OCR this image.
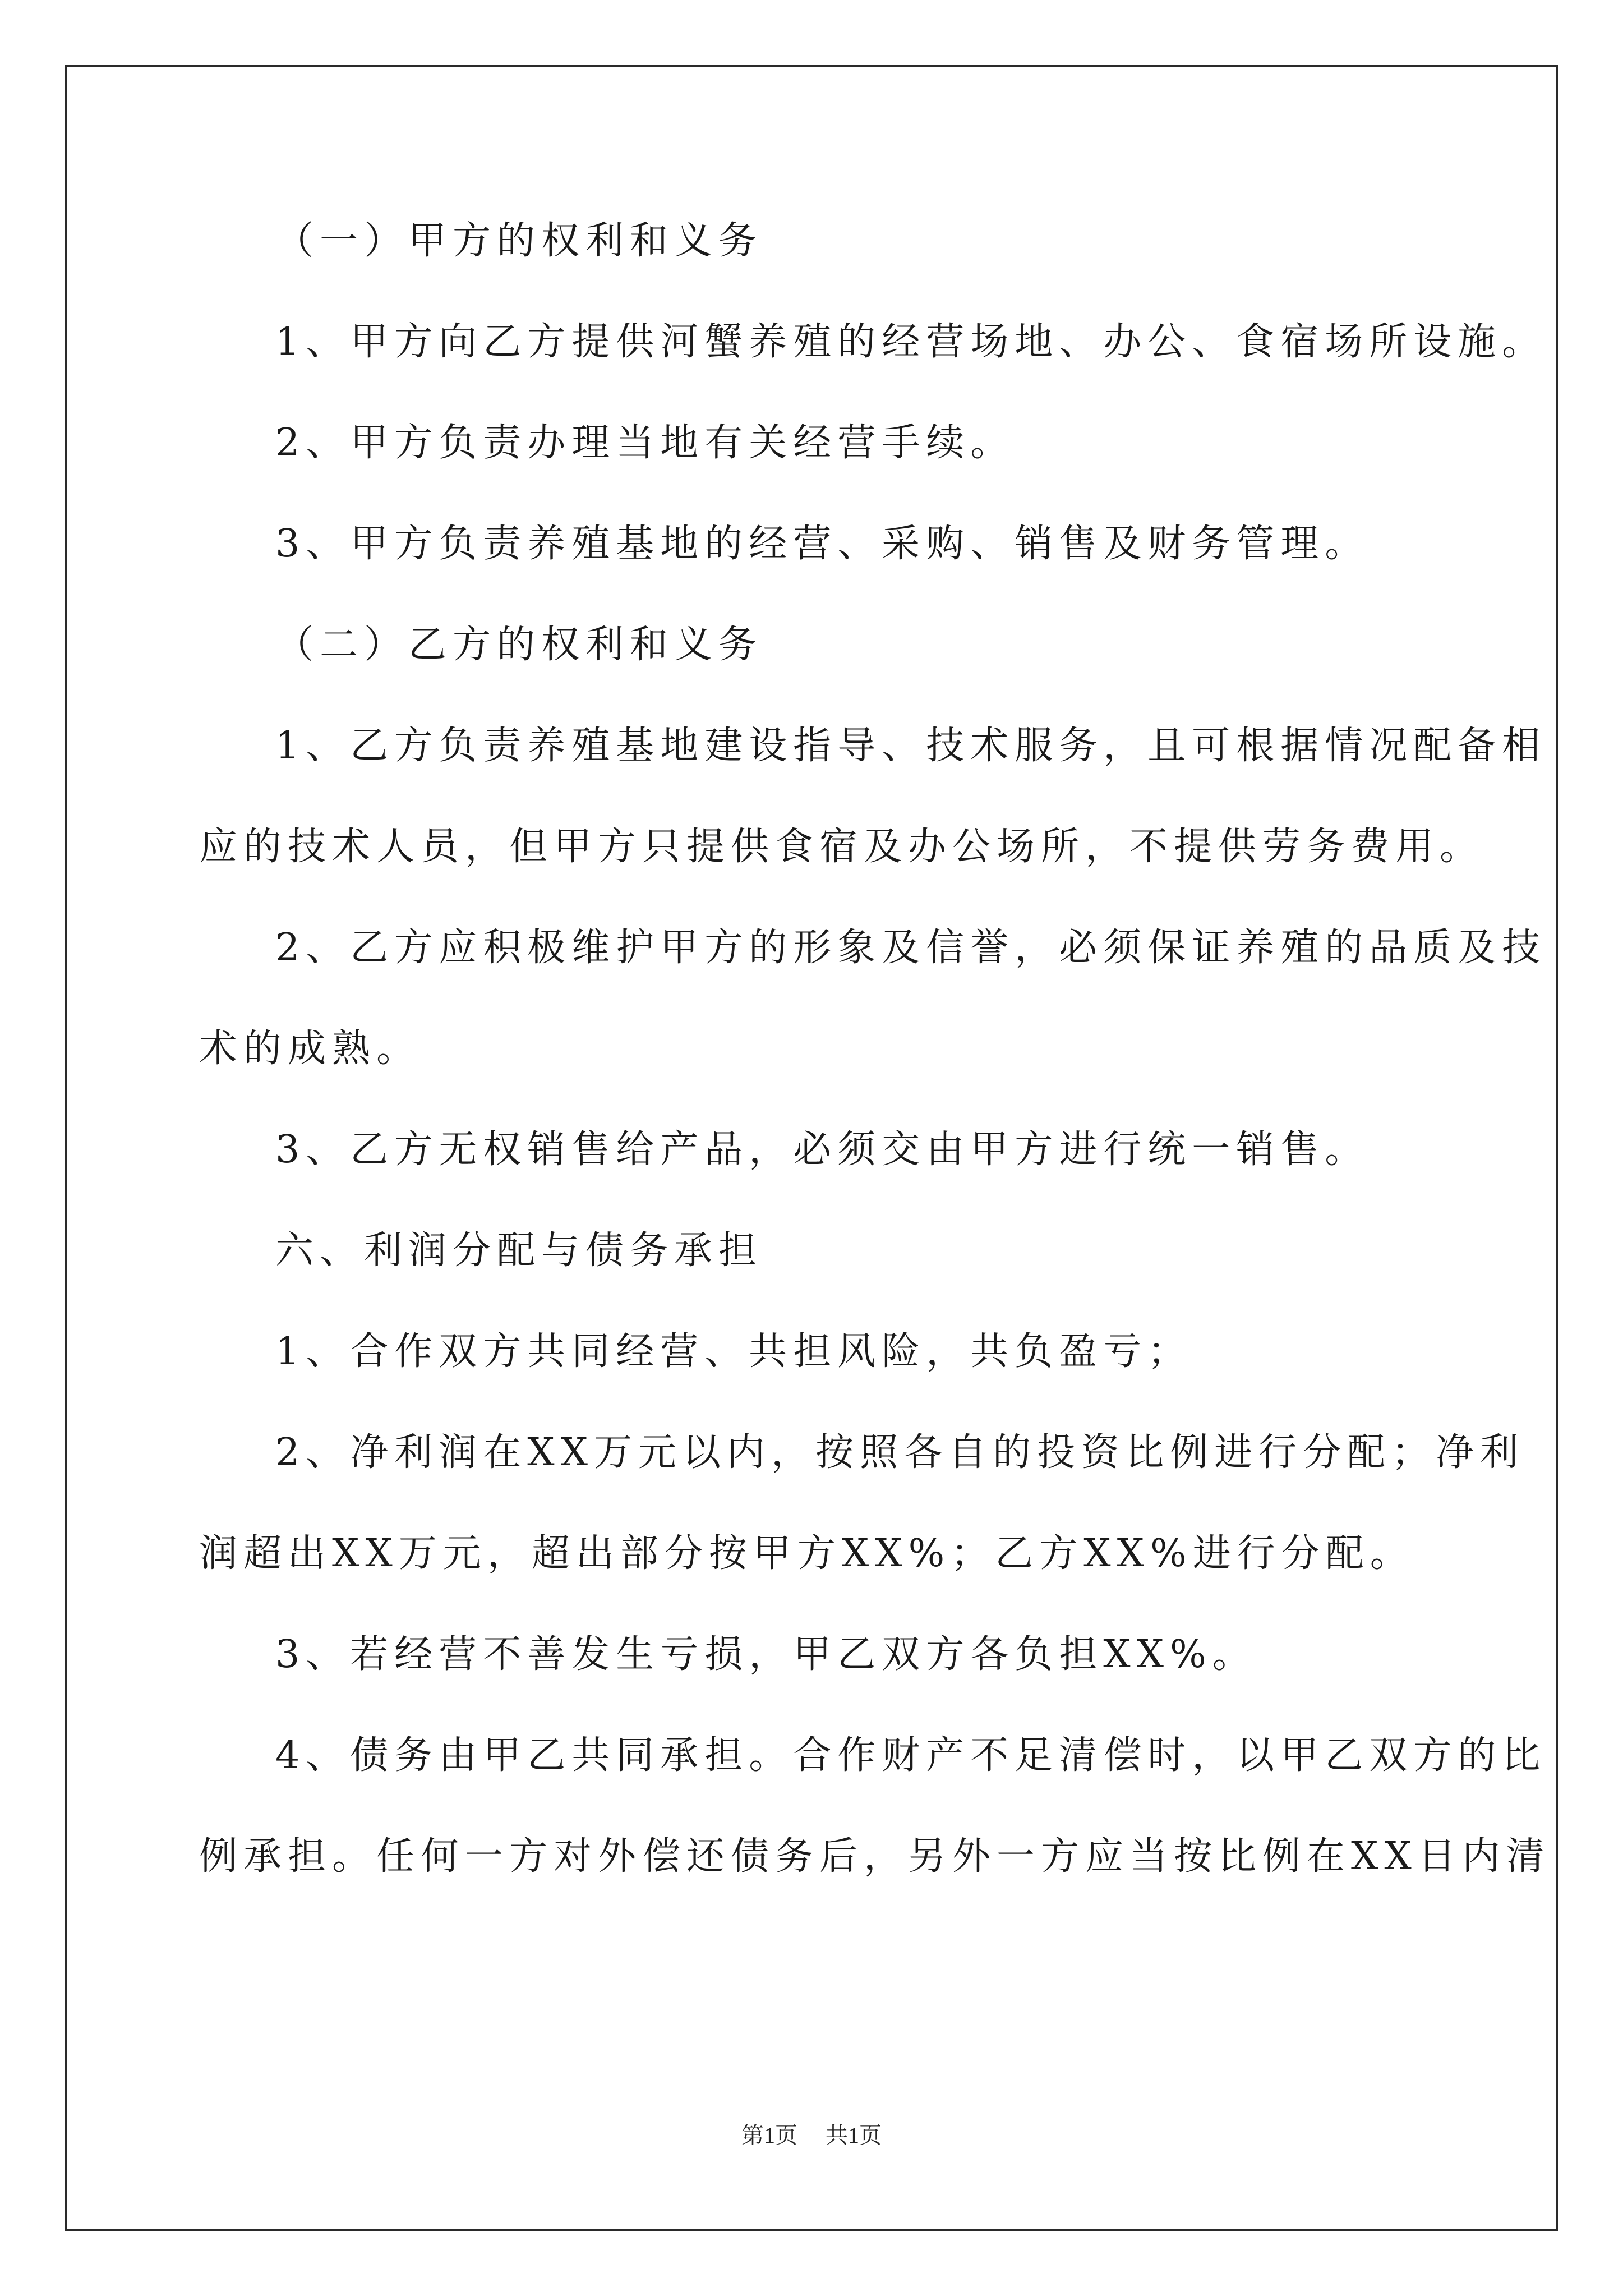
（一）甲方的权利和义务
1、甲方向乙方提供河蟹养殖的经营场地、办公、食宿场所设施。
2、甲方负责办理当地有关经营手续。
3、甲方负责养殖基地的经营、采购、销售及财务管理。
（二）乙方的权利和义务
1、乙方负责养殖基地建设指导、技术服务，且可根据情况配备相
应的技术人员，但甲方只提供食宿及办公场所，不提供劳务费用。
2、乙方应积极维护甲方的形象及信誉，必须保证养殖的品质及技
术的成熟。
3、乙方无权销售给产品，必须交由甲方进行统一销售。
六、利润分配与债务承担
1、合作双方共同经营、共担风险，共负盈亏；
2、净利润在XX万元以内，按照各自的投资比例进行分配；净利
润超出XX万元，超出部分按甲方XX%；乙方XX%进行分配。
3、若经营不善发生亏损，甲乙双方各负担XX%。
4、债务由甲乙共同承担。合作财产不足清偿时，以甲乙双方的比
例承担。任何一方对外偿还债务后，另外一方应当按比例在XX日内清
第1页 共1页
